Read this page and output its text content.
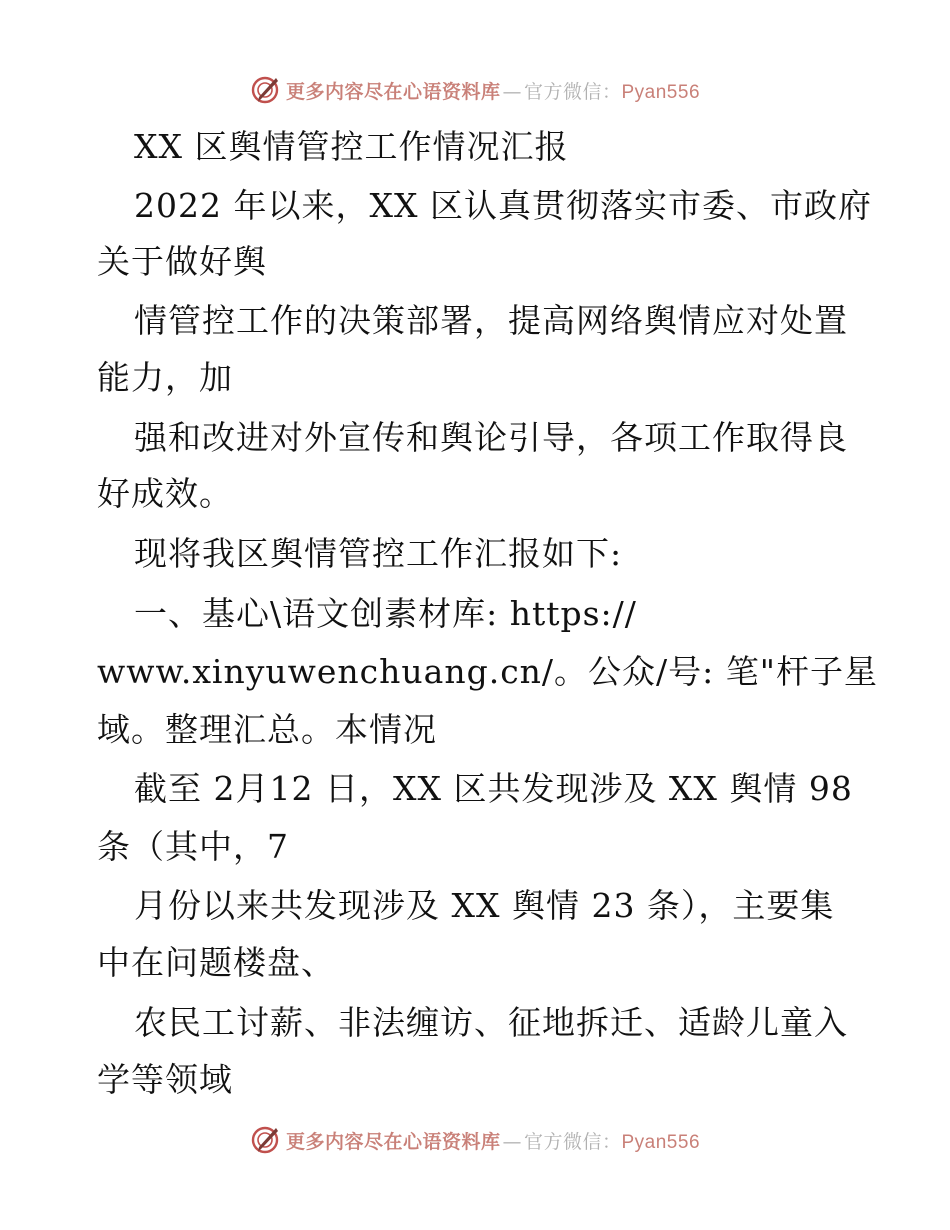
更多内容尽在心语资料库 — 官方微信：Pyan556
XX 区舆情管控工作情况汇报
2022 年以来，XX 区认真贯彻落实市委、市政府
关于做好舆
情管控工作的决策部署，提高网络舆情应对处置
能力，加
强和改进对外宣传和舆论引导，各项工作取得良
好成效。
现将我区舆情管控工作汇报如下:
一、基心\语文创素材库: https://
www.xinyuwenchuang.cn/。公众/号: 笔"杆子星
域。整理汇总。本情况
截至 2月12 日，XX 区共发现涉及 XX 舆情 98
条（其中，7
月份以来共发现涉及 XX 舆情 23 条），主要集
中在问题楼盘、
农民工讨薪、非法缠访、征地拆迁、适龄儿童入
学等领域
更多内容尽在心语资料库 — 官方微信：Pyan556
